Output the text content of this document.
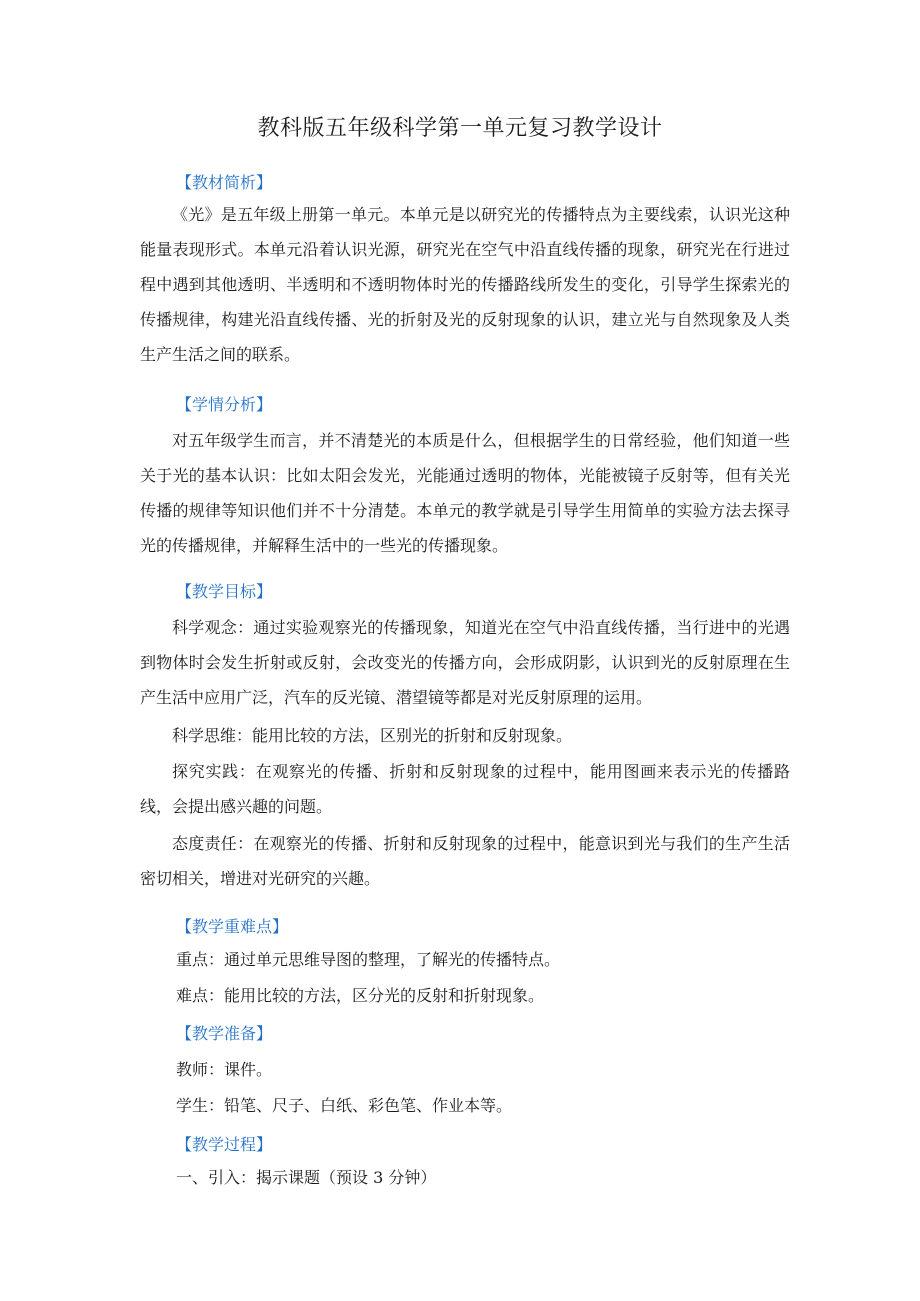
教科版五年级科学第一单元复习教学设计
【教材简析】

《光》是五年级上册第一单元。本单元是以研究光的传播特点为主要线索，认识光这种能量表现形式。本单元沿着认识光源，研究光在空气中沿直线传播的现象，研究光在行进过程中遇到其他透明、半透明和不透明物体时光的传播路线所发生的变化，引导学生探索光的传播规律，构建光沿直线传播、光的折射及光的反射现象的认识，建立光与自然现象及人类生产生活之间的联系。

【学情分析】

对五年级学生而言，并不清楚光的本质是什么，但根据学生的日常经验，他们知道一些关于光的基本认识：比如太阳会发光，光能通过透明的物体，光能被镜子反射等，但有关光传播的规律等知识他们并不十分清楚。本单元的教学就是引导学生用简单的实验方法去探寻光的传播规律，并解释生活中的一些光的传播现象。

【教学目标】

科学观念：通过实验观察光的传播现象，知道光在空气中沿直线传播，当行进中的光遇到物体时会发生折射或反射，会改变光的传播方向，会形成阴影，认识到光的反射原理在生产生活中应用广泛，汽车的反光镜、潜望镜等都是对光反射原理的运用。

科学思维：能用比较的方法，区别光的折射和反射现象。

探究实践：在观察光的传播、折射和反射现象的过程中，能用图画来表示光的传播路线，会提出感兴趣的问题。

态度责任：在观察光的传播、折射和反射现象的过程中，能意识到光与我们的生产生活密切相关，增进对光研究的兴趣。

【教学重难点】
重点：通过单元思维导图的整理，了解光的传播特点。
难点：能用比较的方法，区分光的反射和折射现象。
【教学准备】
教师：课件。
学生：铅笔、尺子、白纸、彩色笔、作业本等。
【教学过程】
一、引入：揭示课题（预设 3 分钟）
